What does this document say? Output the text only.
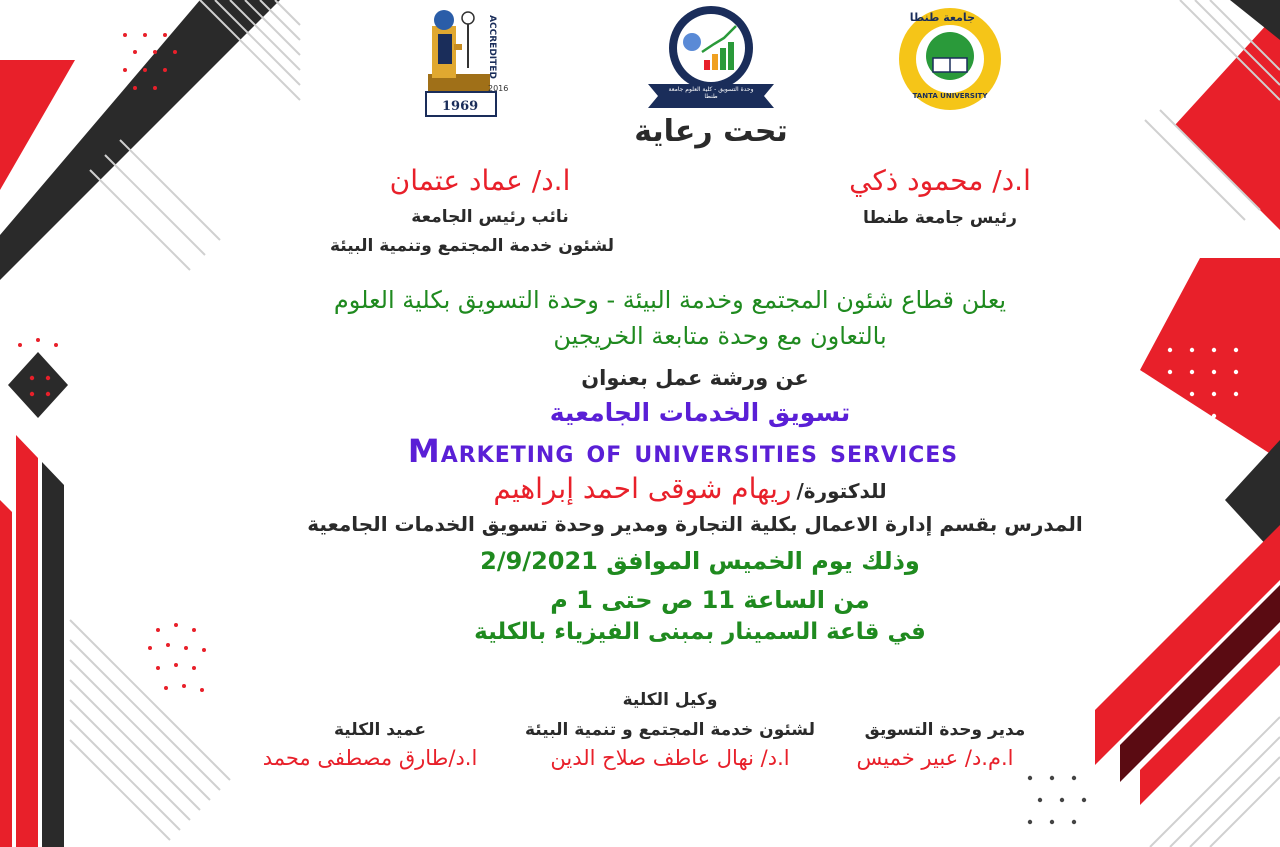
ACCREDITED
2016
1969
وحدة التسويق - كلية العلوم جامعة طنطا
جامعة طنطا
TANTA UNIVERSITY
تحت رعاية
ا.د/ محمود ذكي
رئيس جامعة طنطا
ا.د/ عماد عتمان
نائب رئيس الجامعة
لشئون خدمة المجتمع وتنمية البيئة
يعلن قطاع شئون المجتمع وخدمة البيئة - وحدة التسويق بكلية العلوم
بالتعاون مع وحدة متابعة الخريجين
عن ورشة عمل بعنوان
تسويق الخدمات الجامعية
Marketing of universities services
للدكتورة/ ريهام شوقى احمد إبراهيم
المدرس بقسم إدارة الاعمال بكلية التجارة ومدير وحدة تسويق الخدمات الجامعية
وذلك يوم الخميس الموافق 2/9/2021
من الساعة 11 ص حتى 1 م
في قاعة السمينار بمبنى الفيزياء بالكلية
مدير وحدة التسويق
ا.م.د/ عبير خميس
وكيل الكلية
لشئون خدمة المجتمع و تنمية البيئة
ا.د/ نهال عاطف صلاح الدين
عميد الكلية
ا.د/طارق مصطفى محمد
